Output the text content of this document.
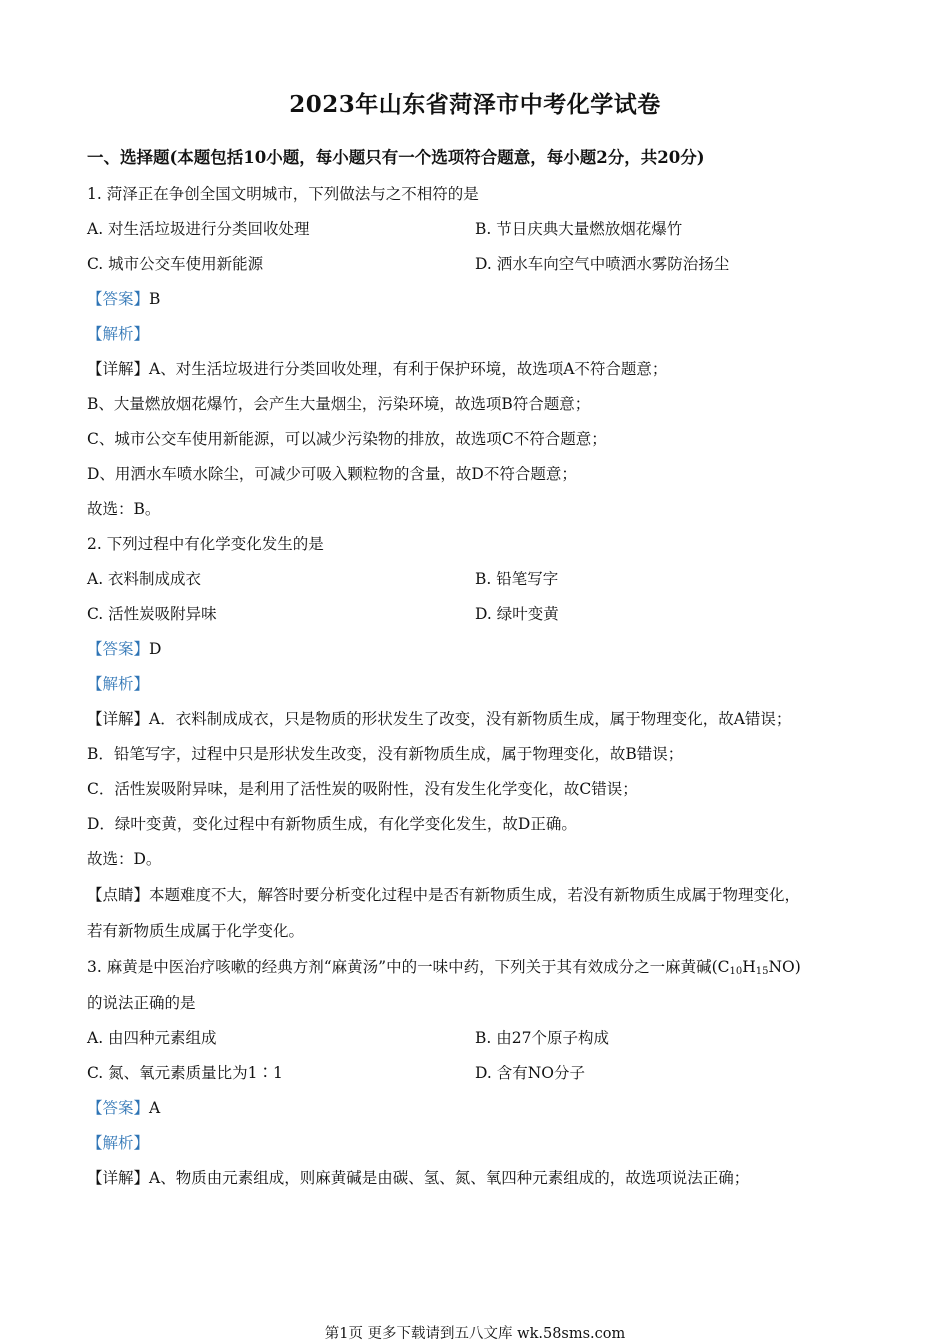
2023年山东省菏泽市中考化学试卷
一、选择题(本题包括10小题，每小题只有一个选项符合题意，每小题2分，共20分)
1. 菏泽正在争创全国文明城市，下列做法与之不相符的是
A. 对生活垃圾进行分类回收处理	B. 节日庆典大量燃放烟花爆竹
C. 城市公交车使用新能源	D. 洒水车向空气中喷洒水雾防治扬尘
【答案】B
【解析】
【详解】A、对生活垃圾进行分类回收处理，有利于保护环境，故选项A不符合题意；
B、大量燃放烟花爆竹，会产生大量烟尘，污染环境，故选项B符合题意；
C、城市公交车使用新能源，可以减少污染物的排放，故选项C不符合题意；
D、用洒水车喷水除尘，可减少可吸入颗粒物的含量，故D不符合题意；
故选：B。
2. 下列过程中有化学变化发生的是
A. 衣料制成成衣	B. 铅笔写字
C. 活性炭吸附异味	D. 绿叶变黄
【答案】D
【解析】
【详解】A．衣料制成成衣，只是物质的形状发生了改变，没有新物质生成，属于物理变化，故A错误；
B．铅笔写字，过程中只是形状发生改变，没有新物质生成，属于物理变化，故B错误；
C．活性炭吸附异味，是利用了活性炭的吸附性，没有发生化学变化，故C错误；
D．绿叶变黄，变化过程中有新物质生成，有化学变化发生，故D正确。
故选：D。
【点睛】本题难度不大，解答时要分析变化过程中是否有新物质生成，若没有新物质生成属于物理变化，
若有新物质生成属于化学变化。
3. 麻黄是中医治疗咳嗽的经典方剂“麻黄汤”中的一味中药，下列关于其有效成分之一麻黄碱$(C_{10}H_{15}NO)$
的说法正确的是
A. 由四种元素组成	B. 由27个原子构成
C. 氮、氧元素质量比为1∶1	D. 含有NO分子
【答案】A
【解析】
【详解】A、物质由元素组成，则麻黄碱是由碳、氢、氮、氧四种元素组成的，故选项说法正确；
第1页 更多下载请到五八文库 wk.58sms.com
